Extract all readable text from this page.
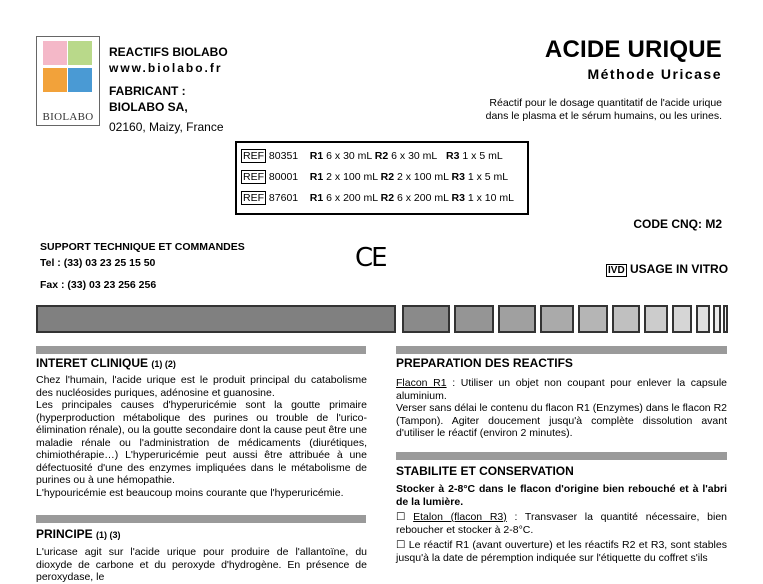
BIOLABO
REACTIFS BIOLABO
www.biolabo.fr
FABRICANT :
BIOLABO SA,
02160, Maizy, France
ACIDE URIQUE
Méthode Uricase
Réactif pour le dosage quantitatif de l'acide urique
dans le plasma et le sérum humains, ou les urines.
REF 80351 R1 6 x 30 mL R2 6 x 30 mL R3 1 x 5 mL
REF 80001 R1 2 x 100 mL R2 2 x 100 mL R3 1 x 5 mL
REF 87601 R1 6 x 200 mL R2 6 x 200 mL R3 1 x 10 mL
CODE CNQ: M2
SUPPORT TECHNIQUE ET COMMANDES
Tel : (33) 03 23 25 15 50
Fax : (33) 03 23 256 256
CE	IVD USAGE IN VITRO
INTERET CLINIQUE (1) (2)

Chez l'humain, l'acide urique est le produit principal du catabolisme des nucléosides puriques, adénosine et guanosine.

Les principales causes d'hyperuricémie sont la goutte primaire (hyperproduction métabolique des purines ou trouble de l'urico-élimination rénale), ou la goutte secondaire dont la cause peut être une maladie rénale ou l'administration de médicaments (diurétiques, chimiothérapie…) L'hyperuricémie peut aussi être attribuée à une défectuosité d'une des enzymes impliquées dans le métabolisme de purines ou à une hémopathie.

L'hypouricémie est beaucoup moins courante que l'hyperuricémie.

PRINCIPE (1) (3)

L'uricase agit sur l'acide urique pour produire de l'allantoïne, du dioxyde de carbone et du peroxyde d'hydrogène. En présence de peroxydase, le

PREPARATION DES REACTIFS

Flacon R1 : Utiliser un objet non coupant pour enlever la capsule aluminium.

Verser sans délai le contenu du flacon R1 (Enzymes) dans le flacon R2 (Tampon). Agiter doucement jusqu'à complète dissolution avant d'utiliser le réactif (environ 2 minutes).

STABILITE ET CONSERVATION

Stocker à 2-8°C dans le flacon d'origine bien rebouché et à l'abri de la lumière.

☐ Etalon (flacon R3) : Transvaser la quantité nécessaire, bien reboucher et stocker à 2-8°C.

☐ Le réactif R1 (avant ouverture) et les réactifs R2 et R3, sont stables jusqu'à la date de péremption indiquée sur l'étiquette du coffret s'ils
